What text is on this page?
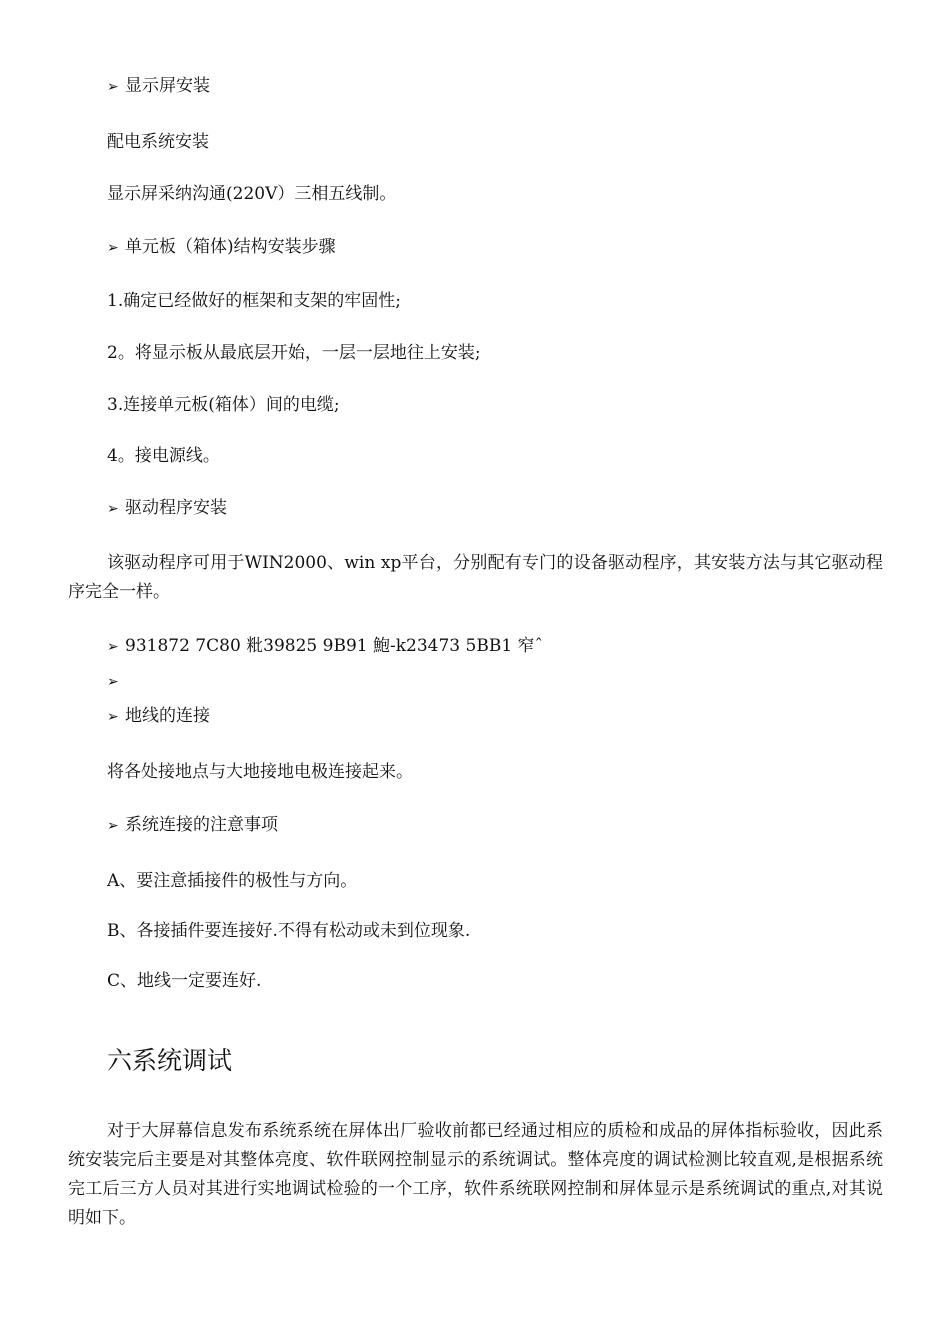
➢ 显示屏安装
配电系统安装
显示屏采纳沟通(220V）三相五线制。
➢ 单元板（箱体)结构安装步骤
1.确定已经做好的框架和支架的牢固性;
2。将显示板从最底层开始，一层一层地往上安装;
3.连接单元板(箱体）间的电缆;
4。接电源线。
➢ 驱动程序安装
该驱动程序可用于WIN2000、win xp平台，分别配有专门的设备驱动程序，其安装方法与其它驱动程序完全一样。
➢ 931872 7C80 粃39825 9B91 鮑-k23473 5BB1 窄ˆ
➢
➢ 地线的连接
将各处接地点与大地接地电极连接起来。
➢ 系统连接的注意事项
A、要注意插接件的极性与方向。
B、各接插件要连接好.不得有松动或未到位现象.
C、地线一定要连好.
六系统调试
对于大屏幕信息发布系统系统在屏体出厂验收前都已经通过相应的质检和成品的屏体指标验收，因此系统安装完后主要是对其整体亮度、软件联网控制显示的系统调试。整体亮度的调试检测比较直观,是根据系统完工后三方人员对其进行实地调试检验的一个工序，软件系统联网控制和屏体显示是系统调试的重点,对其说明如下。
